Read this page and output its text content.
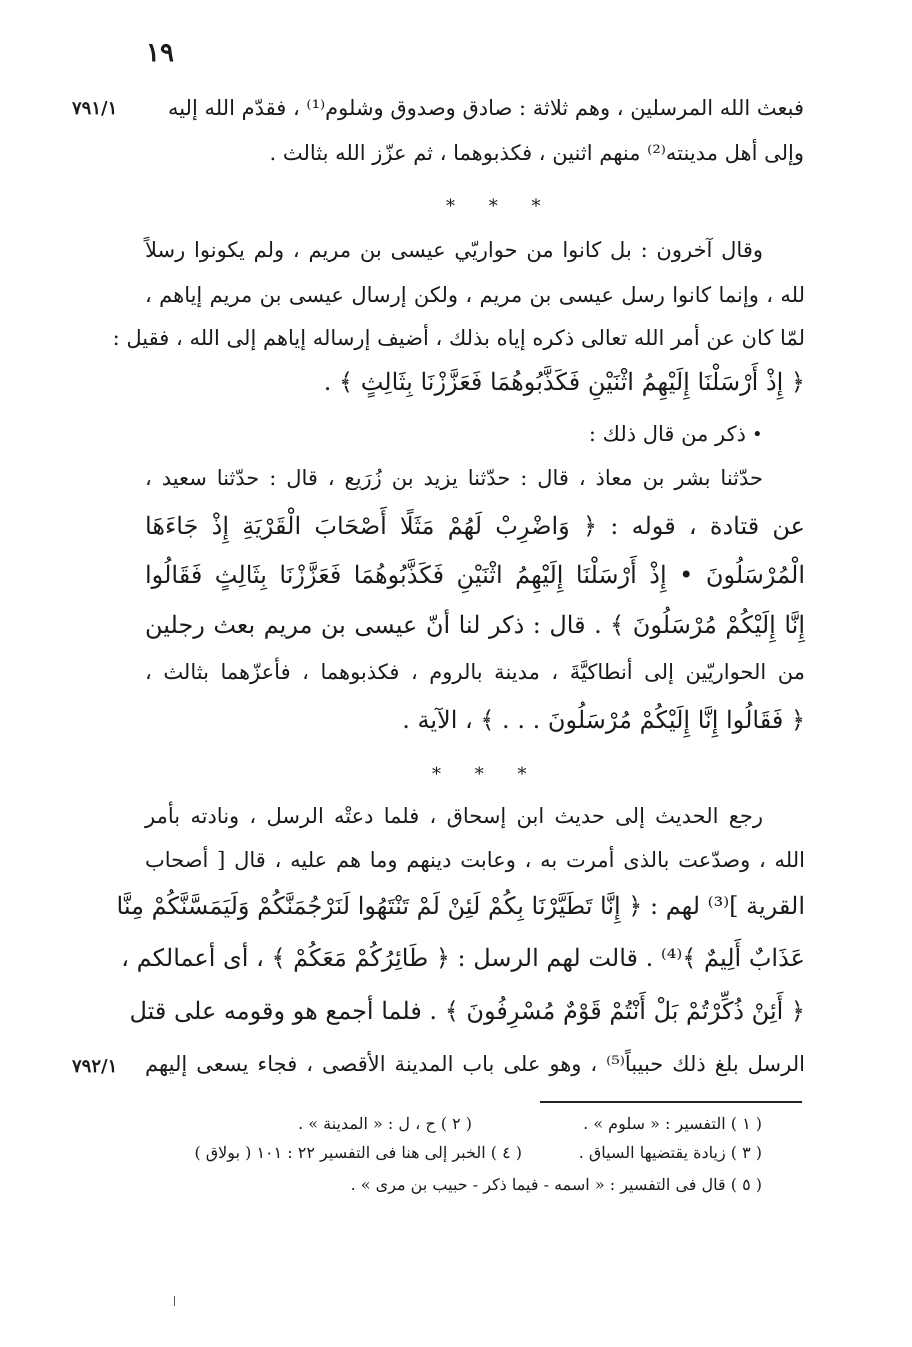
١٩
٧٩١/١
٧٩٢/١
فبعث الله المرسلين ، وهم ثلاثة : صادق وصدوق وشلوم⁽¹⁾ ، فقدّم الله إليه
وإلى أهل مدينته⁽²⁾ منهم اثنين ، فكذبوهما ، ثم عزّز الله بثالث .
* * *
وقال آخرون : بل كانوا من حواريّي عيسى بن مريم ، ولم يكونوا رسلاً
لله ، وإنما كانوا رسل عيسى بن مريم ، ولكن إرسال عيسى بن مريم إياهم ،
لمّا كان عن أمر الله تعالى ذكره إياه بذلك ، أضيف إرساله إياهم إلى الله ، فقيل :
﴿ إِذْ أَرْسَلْنَا إِلَيْهِمُ اثْنَيْنِ فَكَذَّبُوهُمَا فَعَزَّزْنَا بِثَالِثٍ ﴾ .
ذكر من قال ذلك : •
حدّثنا بشر بن معاذ ، قال : حدّثنا يزيد بن زُرَيع ، قال : حدّثنا سعيد ،
عن قتادة ، قوله : ﴿ وَاضْرِبْ لَهُمْ مَثَلًا أَصْحَابَ الْقَرْيَةِ إِذْ جَاءَهَا
الْمُرْسَلُونَ • إِذْ أَرْسَلْنَا إِلَيْهِمُ اثْنَيْنِ فَكَذَّبُوهُمَا فَعَزَّزْنَا بِثَالِثٍ فَقَالُوا
إِنَّا إِلَيْكُمْ مُرْسَلُونَ ﴾ . قال : ذكر لنا أنّ عيسى بن مريم بعث رجلين
من الحواريّين إلى أنطاكيَّةَ ، مدينة بالروم ، فكذبوهما ، فأعزّهما بثالث ،
﴿ فَقَالُوا إِنَّا إِلَيْكُمْ مُرْسَلُونَ . . . ﴾ ، الآية .
* * *
رجع الحديث إلى حديث ابن إسحاق ، فلما دعتْه الرسل ، ونادته بأمر
الله ، وصدّعت بالذى أمرت به ، وعابت دينهم وما هم عليه ، قال [ أصحاب
القرية ]⁽³⁾ لهم : ﴿ إِنَّا تَطَيَّرْنَا بِكُمْ لَئِنْ لَمْ تَنْتَهُوا لَنَرْجُمَنَّكُمْ وَلَيَمَسَّنَّكُمْ مِنَّا
عَذَابٌ أَلِيمٌ ﴾⁽⁴⁾ . قالت لهم الرسل : ﴿ طَائِرُكُمْ مَعَكُمْ ﴾ ، أى أعمالكم ،
﴿ أَئِنْ ذُكِّرْتُمْ بَلْ أَنْتُمْ قَوْمٌ مُسْرِفُونَ ﴾ . فلما أجمع هو وقومه على قتل
الرسل بلغ ذلك حبيباً⁽⁵⁾ ، وهو على باب المدينة الأقصى ، فجاء يسعى إليهم
( ١ ) التفسير : « سلوم » .
( ٢ ) ح ، ل : « المدينة » .
( ٣ ) زيادة يقتضيها السياق .
( ٤ ) الخبر إلى هنا فى التفسير ٢٢ : ١٠١ ( بولاق )
( ٥ ) قال فى التفسير : « اسمه - فيما ذكر - حبيب بن مرى » .
